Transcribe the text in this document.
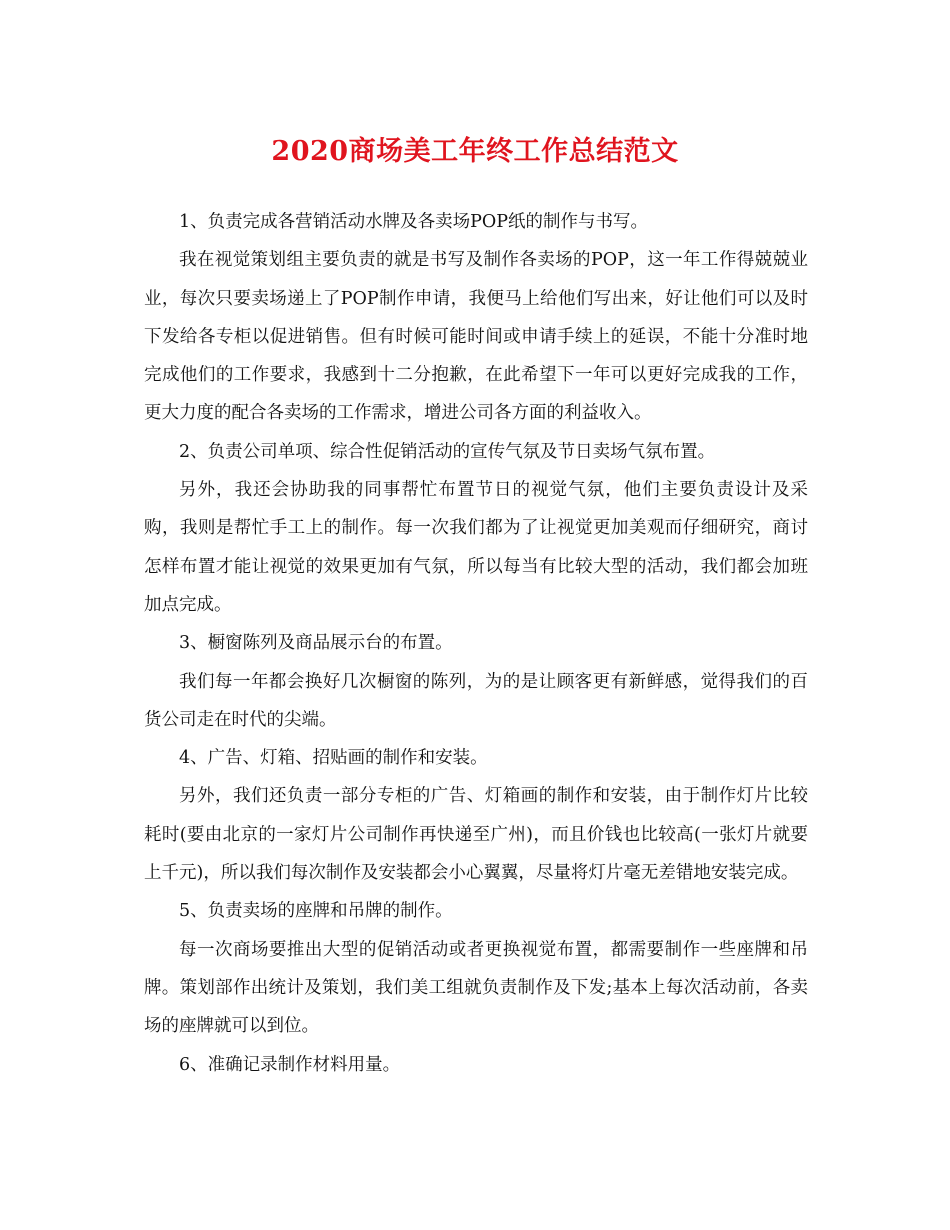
2020商场美工年终工作总结范文

1、负责完成各营销活动水牌及各卖场POP纸的制作与书写。

我在视觉策划组主要负责的就是书写及制作各卖场的POP，这一年工作得兢兢业业，每次只要卖场递上了POP制作申请，我便马上给他们写出来，好让他们可以及时下发给各专柜以促进销售。但有时候可能时间或申请手续上的延误，不能十分准时地完成他们的工作要求，我感到十二分抱歉，在此希望下一年可以更好完成我的工作，更大力度的配合各卖场的工作需求，增进公司各方面的利益收入。

2、负责公司单项、综合性促销活动的宣传气氛及节日卖场气氛布置。

另外，我还会协助我的同事帮忙布置节日的视觉气氛，他们主要负责设计及采购，我则是帮忙手工上的制作。每一次我们都为了让视觉更加美观而仔细研究，商讨怎样布置才能让视觉的效果更加有气氛，所以每当有比较大型的活动，我们都会加班加点完成。

3、橱窗陈列及商品展示台的布置。

我们每一年都会换好几次橱窗的陈列，为的是让顾客更有新鲜感，觉得我们的百货公司走在时代的尖端。

4、广告、灯箱、招贴画的制作和安装。

另外，我们还负责一部分专柜的广告、灯箱画的制作和安装，由于制作灯片比较耗时(要由北京的一家灯片公司制作再快递至广州)，而且价钱也比较高(一张灯片就要上千元)，所以我们每次制作及安装都会小心翼翼，尽量将灯片毫无差错地安装完成。

5、负责卖场的座牌和吊牌的制作。

每一次商场要推出大型的促销活动或者更换视觉布置，都需要制作一些座牌和吊牌。策划部作出统计及策划，我们美工组就负责制作及下发;基本上每次活动前，各卖场的座牌就可以到位。

6、准确记录制作材料用量。
